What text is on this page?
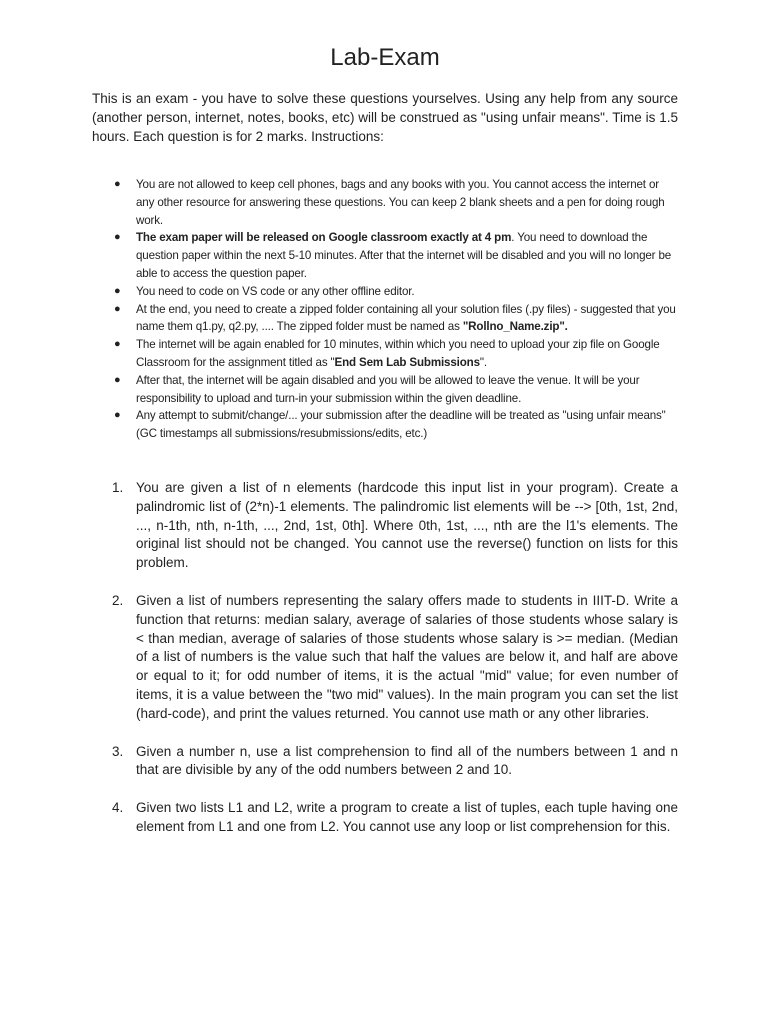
Lab-Exam

This is an exam - you have to solve these questions yourselves. Using any help from any source (another person, internet, notes, books, etc) will be construed as "using unfair means". Time is 1.5 hours. Each question is for 2 marks. Instructions:

● You are not allowed to keep cell phones, bags and any books with you. You cannot access the internet or any other resource for answering these questions. You can keep 2 blank sheets and a pen for doing rough work.
● The exam paper will be released on Google classroom exactly at 4 pm. You need to download the question paper within the next 5-10 minutes. After that the internet will be disabled and you will no longer be able to access the question paper.
● You need to code on VS code or any other offline editor.
● At the end, you need to create a zipped folder containing all your solution files (.py files) - suggested that you name them q1.py, q2.py, .... The zipped folder must be named as "Rollno_Name.zip".
● The internet will be again enabled for 10 minutes, within which you need to upload your zip file on Google Classroom for the assignment titled as "End Sem Lab Submissions".
● After that, the internet will be again disabled and you will be allowed to leave the venue. It will be your responsibility to upload and turn-in your submission within the given deadline.
● Any attempt to submit/change/... your submission after the deadline will be treated as "using unfair means" (GC timestamps all submissions/resubmissions/edits, etc.)
1. You are given a list of n elements (hardcode this input list in your program). Create a palindromic list of (2*n)-1 elements. The palindromic list elements will be --> [0th, 1st, 2nd, ..., n-1th, nth, n-1th, ..., 2nd, 1st, 0th]. Where 0th, 1st, ..., nth are the l1's elements. The original list should not be changed. You cannot use the reverse() function on lists for this problem.
2. Given a list of numbers representing the salary offers made to students in IIIT-D. Write a function that returns: median salary, average of salaries of those students whose salary is < than median, average of salaries of those students whose salary is >= median. (Median of a list of numbers is the value such that half the values are below it, and half are above or equal to it; for odd number of items, it is the actual "mid" value; for even number of items, it is a value between the "two mid" values). In the main program you can set the list (hard-code), and print the values returned. You cannot use math or any other libraries.
3. Given a number n, use a list comprehension to find all of the numbers between 1 and n that are divisible by any of the odd numbers between 2 and 10.
4. Given two lists L1 and L2, write a program to create a list of tuples, each tuple having one element from L1 and one from L2. You cannot use any loop or list comprehension for this.
